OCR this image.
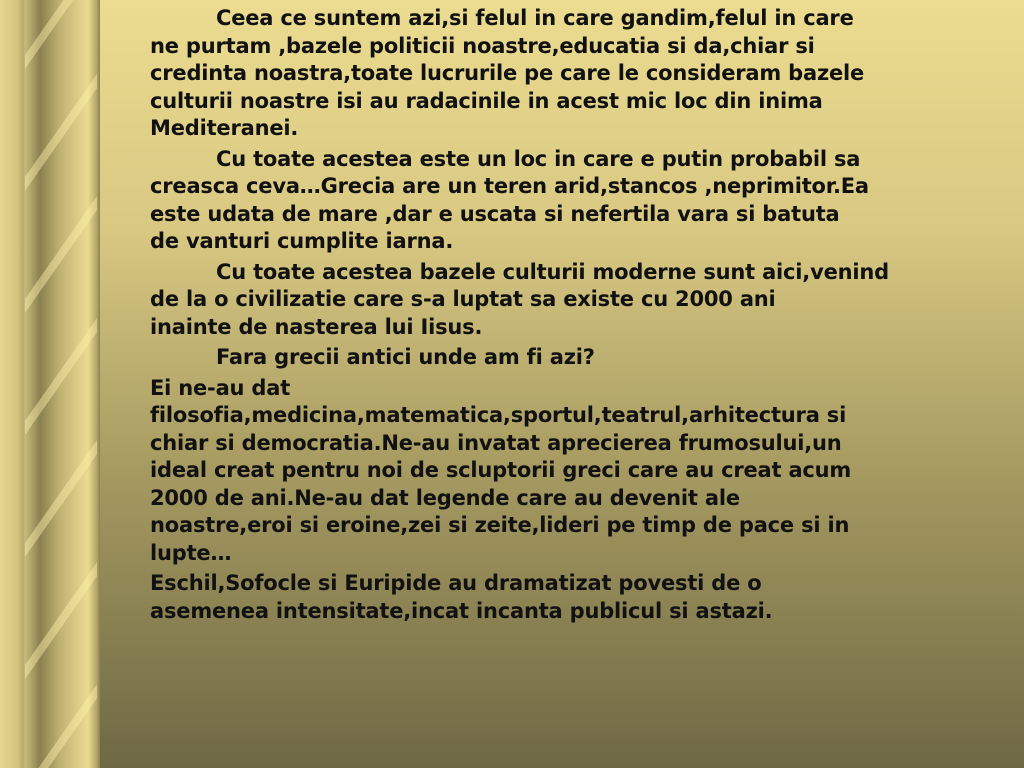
Ceea ce suntem azi,si felul in care gandim,felul in care
ne purtam ,bazele politicii noastre,educatia si da,chiar si
credinta noastra,toate lucrurile pe care le consideram bazele
culturii noastre isi au radacinile in acest mic loc din inima
Mediteranei.
Cu toate acestea este un loc in care e putin probabil sa
creasca ceva…Grecia are un teren arid,stancos ,neprimitor.Ea
este udata de mare ,dar e uscata si nefertila vara si batuta
de vanturi cumplite iarna.
Cu toate acestea bazele culturii moderne sunt aici,venind
de la o civilizatie care s-a luptat sa existe cu 2000 ani
inainte de nasterea lui Iisus.
Fara grecii antici unde am fi azi?
Ei ne-au dat
filosofia,medicina,matematica,sportul,teatrul,arhitectura si
chiar si democratia.Ne-au invatat aprecierea frumosului,un
ideal creat pentru noi de scluptorii greci care au creat acum
2000 de ani.Ne-au dat legende care au devenit ale
noastre,eroi si eroine,zei si zeite,lideri pe timp de pace si in
lupte…
Eschil,Sofocle si Euripide au dramatizat povesti de o
asemenea intensitate,incat incanta publicul si astazi.
